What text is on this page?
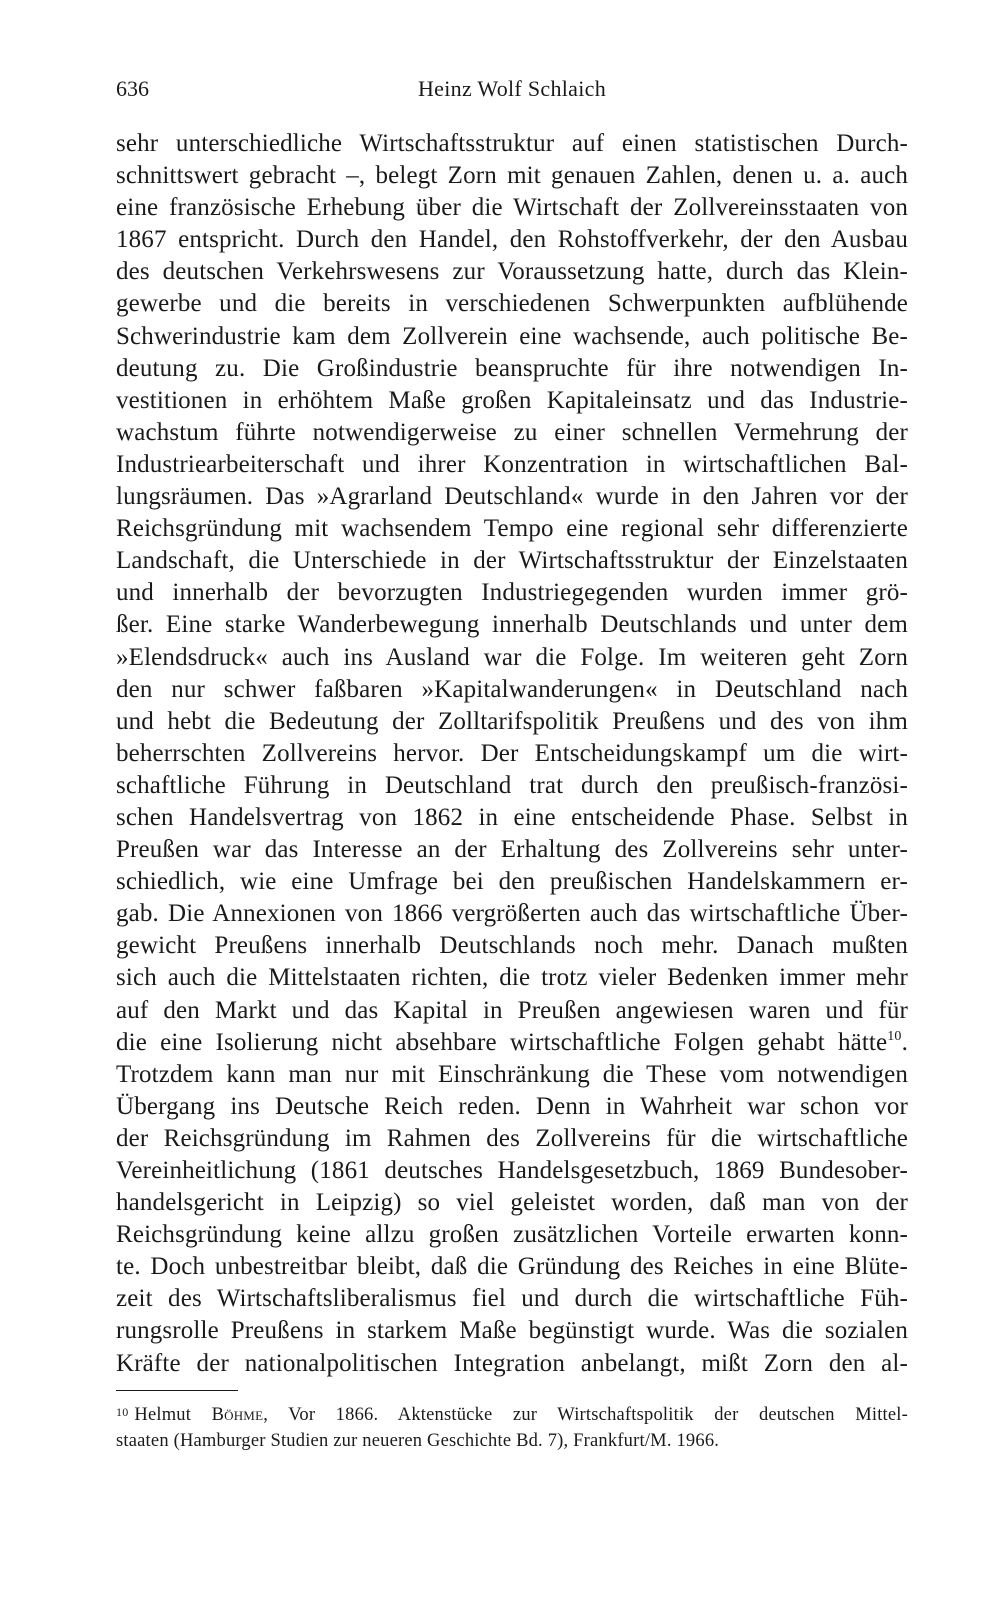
636	Heinz Wolf Schlaich
sehr unterschiedliche Wirtschaftsstruktur auf einen statistischen Durch-
schnittswert gebracht –, belegt Zorn mit genauen Zahlen, denen u. a. auch
eine französische Erhebung über die Wirtschaft der Zollvereinsstaaten von
1867 entspricht. Durch den Handel, den Rohstoffverkehr, der den Ausbau
des deutschen Verkehrswesens zur Voraussetzung hatte, durch das Klein-
gewerbe und die bereits in verschiedenen Schwerpunkten aufblühende
Schwerindustrie kam dem Zollverein eine wachsende, auch politische Be-
deutung zu. Die Großindustrie beanspruchte für ihre notwendigen In-
vestitionen in erhöhtem Maße großen Kapitaleinsatz und das Industrie-
wachstum führte notwendigerweise zu einer schnellen Vermehrung der
Industriearbeiterschaft und ihrer Konzentration in wirtschaftlichen Bal-
lungsräumen. Das »Agrarland Deutschland« wurde in den Jahren vor der
Reichsgründung mit wachsendem Tempo eine regional sehr differenzierte
Landschaft, die Unterschiede in der Wirtschaftsstruktur der Einzelstaaten
und innerhalb der bevorzugten Industriegegenden wurden immer grö-
ßer. Eine starke Wanderbewegung innerhalb Deutschlands und unter dem
»Elendsdruck« auch ins Ausland war die Folge. Im weiteren geht Zorn
den nur schwer faßbaren »Kapitalwanderungen« in Deutschland nach
und hebt die Bedeutung der Zolltarifspolitik Preußens und des von ihm
beherrschten Zollvereins hervor. Der Entscheidungskampf um die wirt-
schaftliche Führung in Deutschland trat durch den preußisch-französi-
schen Handelsvertrag von 1862 in eine entscheidende Phase. Selbst in
Preußen war das Interesse an der Erhaltung des Zollvereins sehr unter-
schiedlich, wie eine Umfrage bei den preußischen Handelskammern er-
gab. Die Annexionen von 1866 vergrößerten auch das wirtschaftliche Über-
gewicht Preußens innerhalb Deutschlands noch mehr. Danach mußten
sich auch die Mittelstaaten richten, die trotz vieler Bedenken immer mehr
auf den Markt und das Kapital in Preußen angewiesen waren und für
die eine Isolierung nicht absehbare wirtschaftliche Folgen gehabt hätte$^{10}$.
Trotzdem kann man nur mit Einschränkung die These vom notwendigen
Übergang ins Deutsche Reich reden. Denn in Wahrheit war schon vor
der Reichsgründung im Rahmen des Zollvereins für die wirtschaftliche
Vereinheitlichung (1861 deutsches Handelsgesetzbuch, 1869 Bundesober-
handelsgericht in Leipzig) so viel geleistet worden, daß man von der
Reichsgründung keine allzu großen zusätzlichen Vorteile erwarten konn-
te. Doch unbestreitbar bleibt, daß die Gründung des Reiches in eine Blüte-
zeit des Wirtschaftsliberalismus fiel und durch die wirtschaftliche Füh-
rungsrolle Preußens in starkem Maße begünstigt wurde. Was die sozialen
Kräfte der nationalpolitischen Integration anbelangt, mißt Zorn den al-
$^{10}$ Helmut Böhme, Vor 1866. Aktenstücke zur Wirtschaftspolitik der deutschen Mittel-
staaten (Hamburger Studien zur neueren Geschichte Bd. 7), Frankfurt/M. 1966.
